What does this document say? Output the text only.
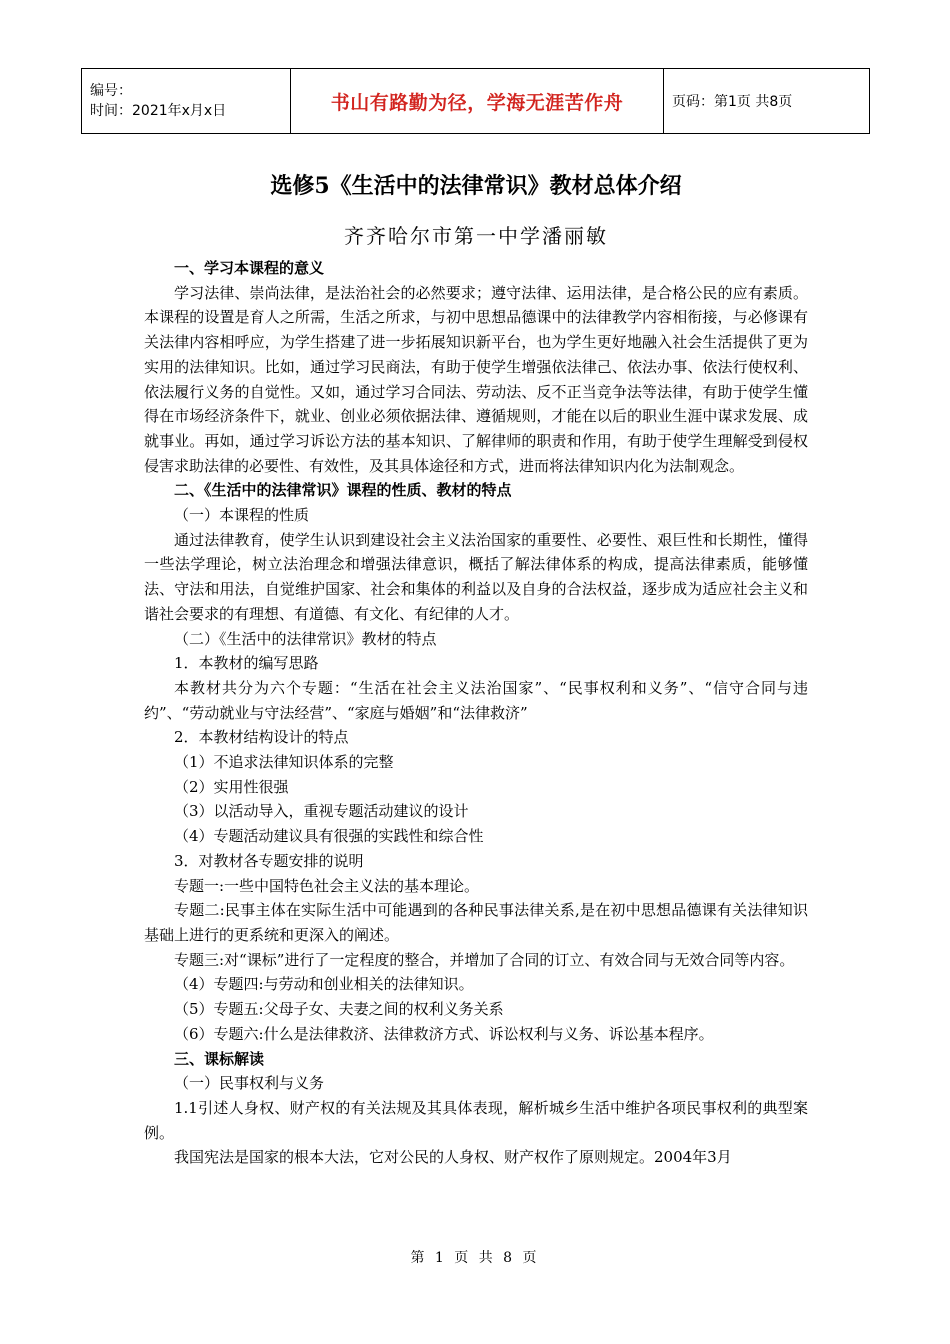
编号：
时间：2021年x月x日	书山有路勤为径，学海无涯苦作舟	页码：第1页 共8页
选修5《生活中的法律常识》教材总体介绍
齐齐哈尔市第一中学潘丽敏

一、学习本课程的意义

学习法律、崇尚法律，是法治社会的必然要求；遵守法律、运用法律，是合格公民的应有素质。本课程的设置是育人之所需，生活之所求，与初中思想品德课中的法律教学内容相衔接，与必修课有关法律内容相呼应，为学生搭建了进一步拓展知识新平台，也为学生更好地融入社会生活提供了更为实用的法律知识。比如，通过学习民商法，有助于使学生增强依法律己、依法办事、依法行使权利、依法履行义务的自觉性。又如，通过学习合同法、劳动法、反不正当竞争法等法律，有助于使学生懂得在市场经济条件下，就业、创业必须依据法律、遵循规则，才能在以后的职业生涯中谋求发展、成就事业。再如，通过学习诉讼方法的基本知识、了解律师的职责和作用，有助于使学生理解受到侵权侵害求助法律的必要性、有效性，及其具体途径和方式，进而将法律知识内化为法制观念。

二、《生活中的法律常识》课程的性质、教材的特点

（一）本课程的性质

通过法律教育，使学生认识到建设社会主义法治国家的重要性、必要性、艰巨性和长期性，懂得一些法学理论，树立法治理念和增强法律意识，概括了解法律体系的构成，提高法律素质，能够懂法、守法和用法，自觉维护国家、社会和集体的利益以及自身的合法权益，逐步成为适应社会主义和谐社会要求的有理想、有道德、有文化、有纪律的人才。

（二）《生活中的法律常识》教材的特点

1．本教材的编写思路

本教材共分为六个专题：“生活在社会主义法治国家”、“民事权利和义务”、“信守合同与违约”、“劳动就业与守法经营”、“家庭与婚姻”和“法律救济”

2．本教材结构设计的特点

（1）不追求法律知识体系的完整

（2）实用性很强

（3）以活动导入，重视专题活动建议的设计

（4）专题活动建议具有很强的实践性和综合性

3．对教材各专题安排的说明

专题一:一些中国特色社会主义法的基本理论。

专题二:民事主体在实际生活中可能遇到的各种民事法律关系,是在初中思想品德课有关法律知识基础上进行的更系统和更深入的阐述。

专题三:对“课标”进行了一定程度的整合，并增加了合同的订立、有效合同与无效合同等内容。

（4）专题四:与劳动和创业相关的法律知识。

（5）专题五:父母子女、夫妻之间的权利义务关系

（6）专题六:什么是法律救济、法律救济方式、诉讼权利与义务、诉讼基本程序。

三、课标解读

（一）民事权利与义务

1.1引述人身权、财产权的有关法规及其具体表现，解析城乡生活中维护各项民事权利的典型案例。

我国宪法是国家的根本大法，它对公民的人身权、财产权作了原则规定。2004年3月

第 1 页 共 8 页
